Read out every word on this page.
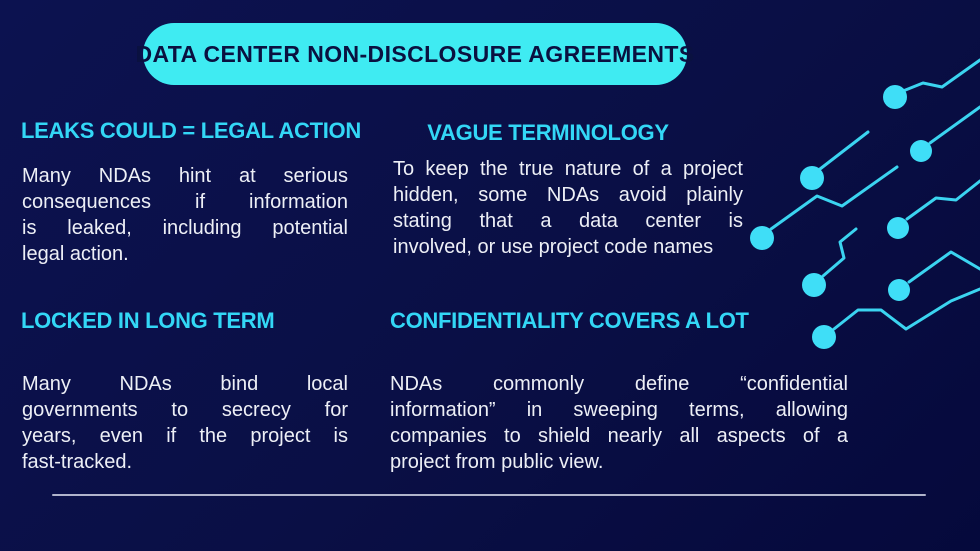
DATA CENTER NON-DISCLOSURE AGREEMENTS
LEAKS COULD = LEGAL ACTION
Many NDAs hint at serious
consequences if information
is leaked, including potential
legal action.
VAGUE TERMINOLOGY
To keep the true nature of a project
hidden, some NDAs avoid plainly
stating that a data center is
involved, or use project code names
LOCKED IN LONG TERM
Many NDAs bind local
governments to secrecy for
years, even if the project is
fast-tracked.
CONFIDENTIALITY COVERS A LOT
NDAs commonly define “confidential
information” in sweeping terms, allowing
companies to shield nearly all aspects of a
project from public view.
